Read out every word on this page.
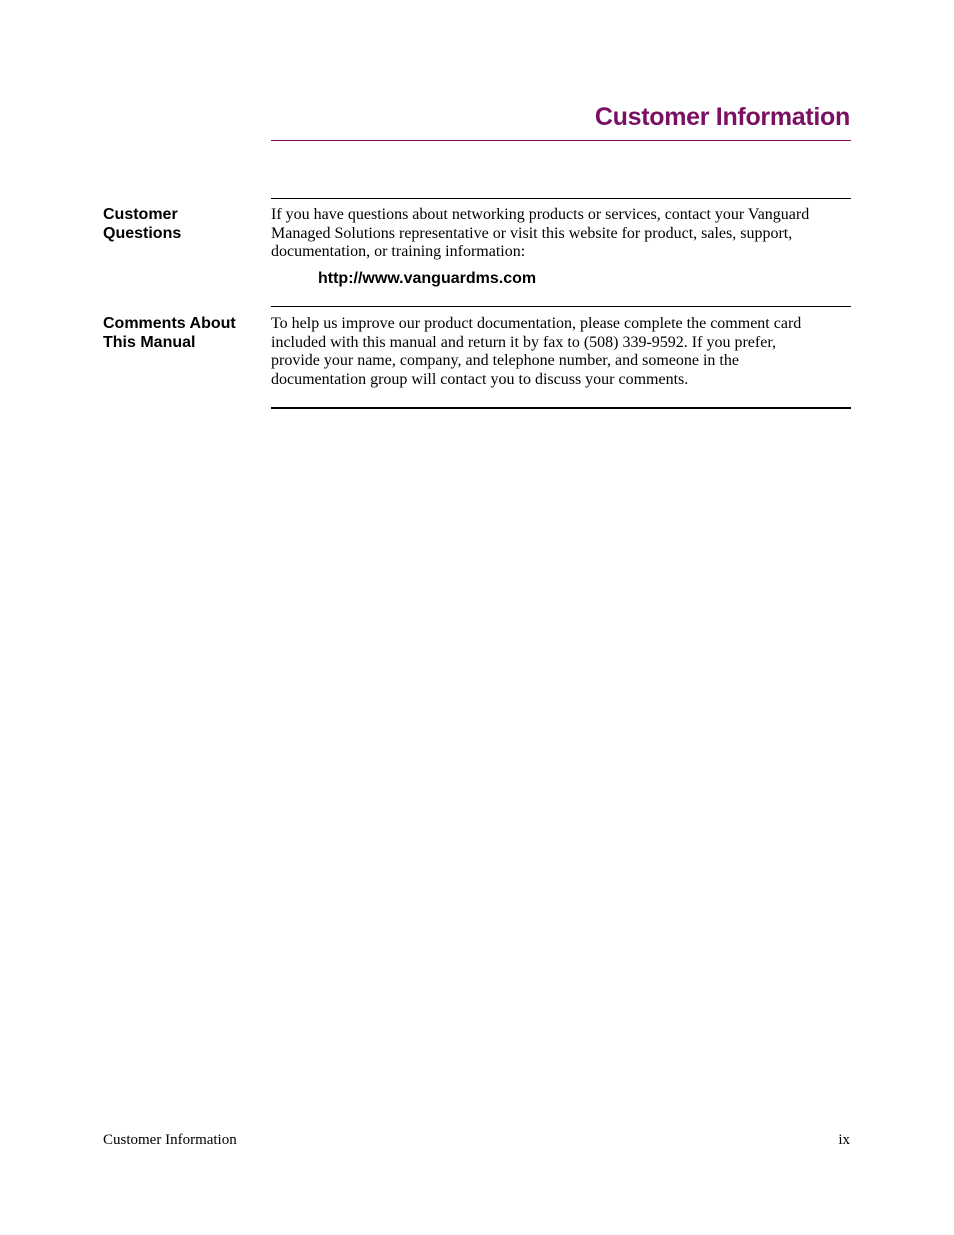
Customer Information
Customer
Questions
If you have questions about networking products or services, contact your Vanguard
Managed Solutions representative or visit this website for product, sales, support,
documentation, or training information:
http://www.vanguardms.com
Comments About
This Manual
To help us improve our product documentation, please complete the comment card
included with this manual and return it by fax to (508) 339-9592. If you prefer,
provide your name, company, and telephone number, and someone in the
documentation group will contact you to discuss your comments.
Customer Information	ix
